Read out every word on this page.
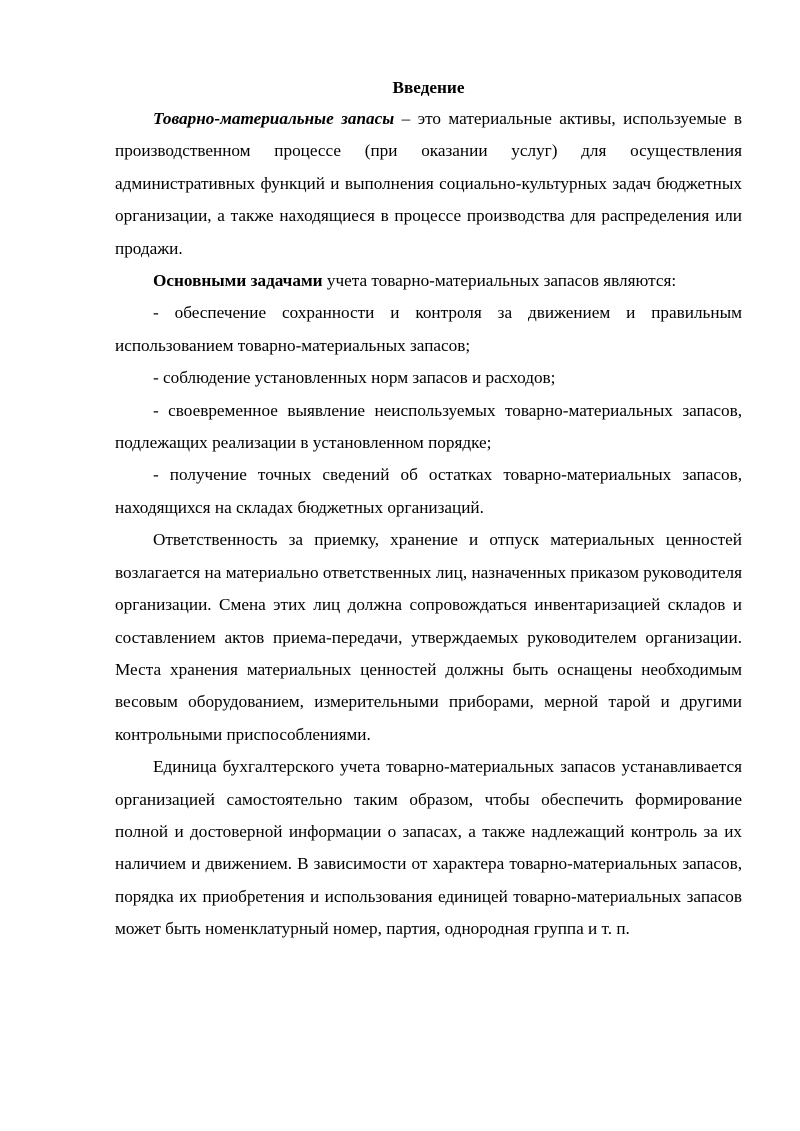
Введение

Товарно-материальные запасы – это материальные активы, используемые в производственном процессе (при оказании услуг) для осуществления административных функций и выполнения социально-культурных задач бюджетных организации, а также находящиеся в процессе производства для распределения или продажи.

Основными задачами учета товарно-материальных запасов являются:

- обеспечение сохранности и контроля за движением и правильным использованием товарно-материальных запасов;

- соблюдение установленных норм запасов и расходов;

- своевременное выявление неиспользуемых товарно-материальных запасов, подлежащих реализации в установленном порядке;

- получение точных сведений об остатках товарно-материальных запасов, находящихся на складах бюджетных организаций.

Ответственность за приемку, хранение и отпуск материальных ценностей возлагается на материально ответственных лиц, назначенных приказом руководителя организации. Смена этих лиц должна сопровождаться инвентаризацией складов и составлением актов приема-передачи, утверждаемых руководителем организации. Места хранения материальных ценностей должны быть оснащены необходимым весовым оборудованием, измерительными приборами, мерной тарой и другими контрольными приспособлениями.

Единица бухгалтерского учета товарно-материальных запасов устанавливается организацией самостоятельно таким образом, чтобы обеспечить формирование полной и достоверной информации о запасах, а также надлежащий контроль за их наличием и движением. В зависимости от характера товарно-материальных запасов, порядка их приобретения и использования единицей товарно-материальных запасов может быть номенклатурный номер, партия, однородная группа и т. п.
